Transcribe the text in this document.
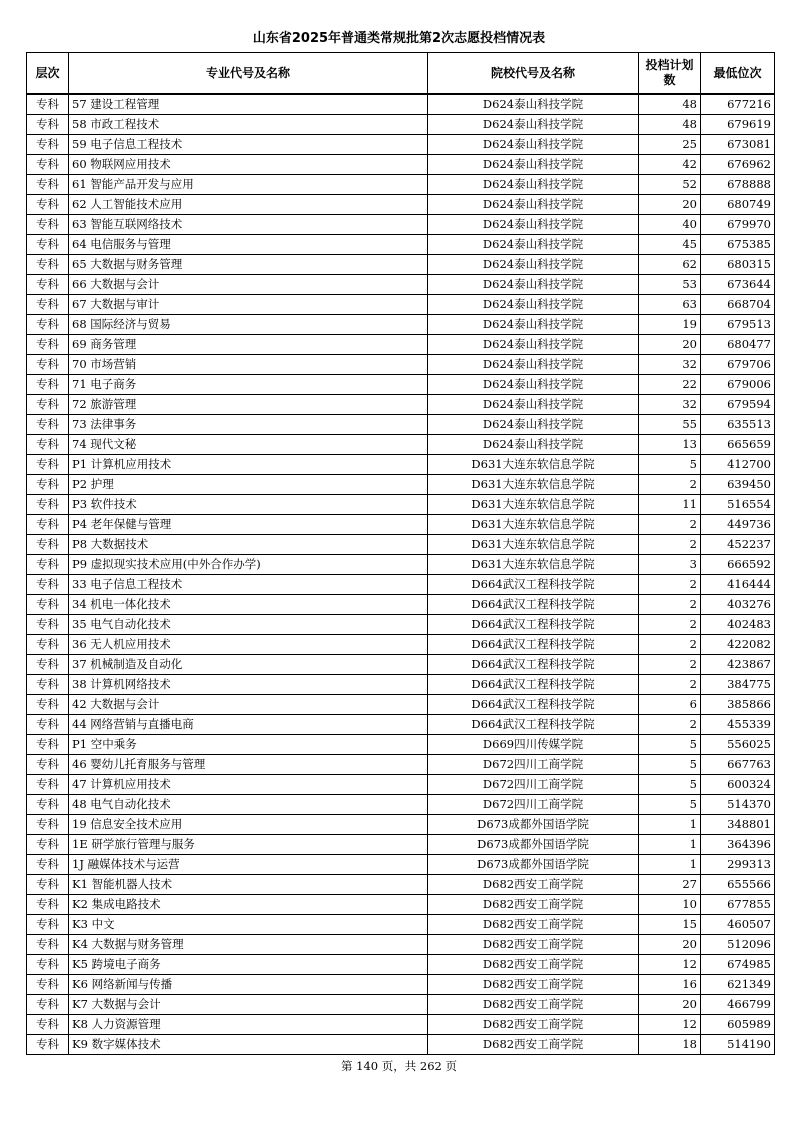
山东省2025年普通类常规批第2次志愿投档情况表
层次	专业代号及名称	院校代号及名称	投档计划数	最低位次
专科	57 建设工程管理	D624泰山科技学院	48	677216
专科	58 市政工程技术	D624泰山科技学院	48	679619
专科	59 电子信息工程技术	D624泰山科技学院	25	673081
专科	60 物联网应用技术	D624泰山科技学院	42	676962
专科	61 智能产品开发与应用	D624泰山科技学院	52	678888
专科	62 人工智能技术应用	D624泰山科技学院	20	680749
专科	63 智能互联网络技术	D624泰山科技学院	40	679970
专科	64 电信服务与管理	D624泰山科技学院	45	675385
专科	65 大数据与财务管理	D624泰山科技学院	62	680315
专科	66 大数据与会计	D624泰山科技学院	53	673644
专科	67 大数据与审计	D624泰山科技学院	63	668704
专科	68 国际经济与贸易	D624泰山科技学院	19	679513
专科	69 商务管理	D624泰山科技学院	20	680477
专科	70 市场营销	D624泰山科技学院	32	679706
专科	71 电子商务	D624泰山科技学院	22	679006
专科	72 旅游管理	D624泰山科技学院	32	679594
专科	73 法律事务	D624泰山科技学院	55	635513
专科	74 现代文秘	D624泰山科技学院	13	665659
专科	P1 计算机应用技术	D631大连东软信息学院	5	412700
专科	P2 护理	D631大连东软信息学院	2	639450
专科	P3 软件技术	D631大连东软信息学院	11	516554
专科	P4 老年保健与管理	D631大连东软信息学院	2	449736
专科	P8 大数据技术	D631大连东软信息学院	2	452237
专科	P9 虚拟现实技术应用(中外合作办学)	D631大连东软信息学院	3	666592
专科	33 电子信息工程技术	D664武汉工程科技学院	2	416444
专科	34 机电一体化技术	D664武汉工程科技学院	2	403276
专科	35 电气自动化技术	D664武汉工程科技学院	2	402483
专科	36 无人机应用技术	D664武汉工程科技学院	2	422082
专科	37 机械制造及自动化	D664武汉工程科技学院	2	423867
专科	38 计算机网络技术	D664武汉工程科技学院	2	384775
专科	42 大数据与会计	D664武汉工程科技学院	6	385866
专科	44 网络营销与直播电商	D664武汉工程科技学院	2	455339
专科	P1 空中乘务	D669四川传媒学院	5	556025
专科	46 婴幼儿托育服务与管理	D672四川工商学院	5	667763
专科	47 计算机应用技术	D672四川工商学院	5	600324
专科	48 电气自动化技术	D672四川工商学院	5	514370
专科	19 信息安全技术应用	D673成都外国语学院	1	348801
专科	1E 研学旅行管理与服务	D673成都外国语学院	1	364396
专科	1J 融媒体技术与运营	D673成都外国语学院	1	299313
专科	K1 智能机器人技术	D682西安工商学院	27	655566
专科	K2 集成电路技术	D682西安工商学院	10	677855
专科	K3 中文	D682西安工商学院	15	460507
专科	K4 大数据与财务管理	D682西安工商学院	20	512096
专科	K5 跨境电子商务	D682西安工商学院	12	674985
专科	K6 网络新闻与传播	D682西安工商学院	16	621349
专科	K7 大数据与会计	D682西安工商学院	20	466799
专科	K8 人力资源管理	D682西安工商学院	12	605989
专科	K9 数字媒体技术	D682西安工商学院	18	514190
第 140 页，共 262 页
